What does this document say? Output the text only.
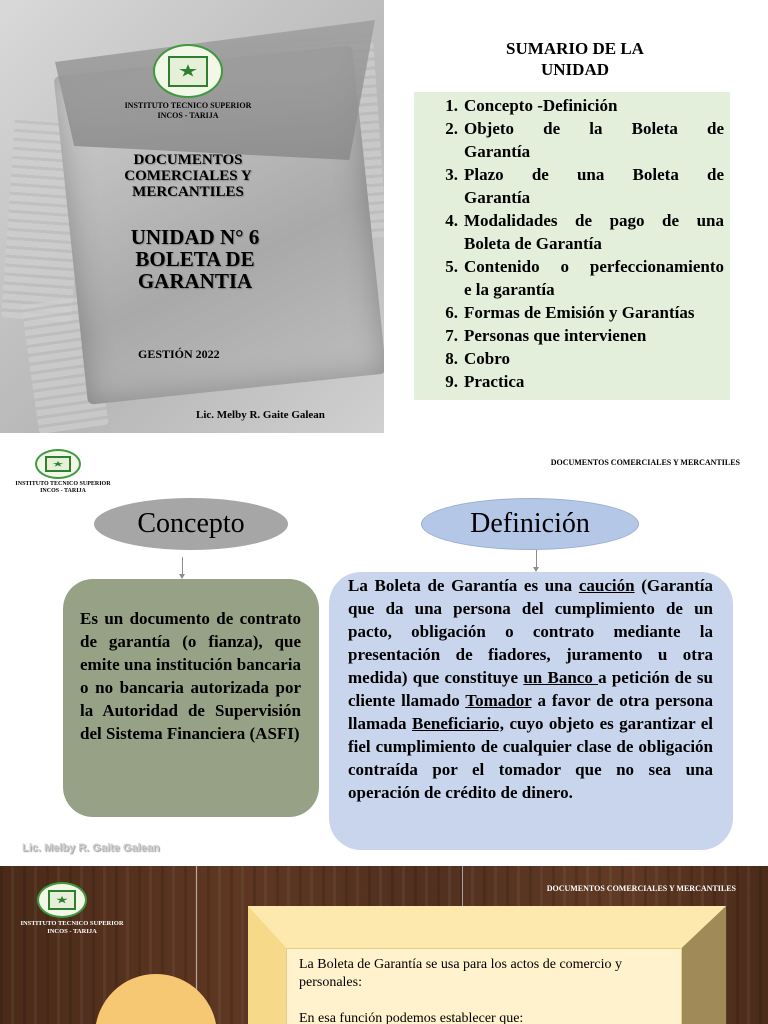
INSTITUTO TECNICO SUPERIOR
INCOS - TARIJA
DOCUMENTOS
COMERCIALES Y
MERCANTILES
UNIDAD N° 6
BOLETA DE
GARANTIA
GESTIÓN 2022
Lic. Melby R. Gaite Galean
SUMARIO DE LA
UNIDAD
1. Concepto -Definición
2. Objeto de la Boleta de
Garantía
3. Plazo de una Boleta de
Garantía
4. Modalidades de pago de una
Boleta de Garantía
5. Contenido o perfeccionamiento
e la garantía
6. Formas de Emisión y Garantías
7. Personas que intervienen
8. Cobro
9. Practica
INSTITUTO TECNICO SUPERIOR
INCOS - TARIJA
DOCUMENTOS COMERCIALES Y MERCANTILES
Concepto	Definición
Es un documento de contrato de garantía (o fianza), que emite una institución bancaria o no bancaria autorizada por la Autoridad de Supervisión del Sistema Financiera (ASFI)
La Boleta de Garantía es una caución (Garantía que da una persona del cumplimiento de un pacto, obligación o contrato mediante la presentación de fiadores, juramento u otra medida) que constituye un Banco a petición de su cliente llamado Tomador a favor de otra persona llamada Beneficiario, cuyo objeto es garantizar el fiel cumplimiento de cualquier clase de obligación contraída por el tomador que no sea una operación de crédito de dinero.
Lic. Melby R. Gaite Galean
INSTITUTO TECNICO SUPERIOR
INCOS - TARIJA
DOCUMENTOS COMERCIALES Y MERCANTILES

La Boleta de Garantía se usa para los actos de comercio y personales:

En esa función podemos establecer que:
